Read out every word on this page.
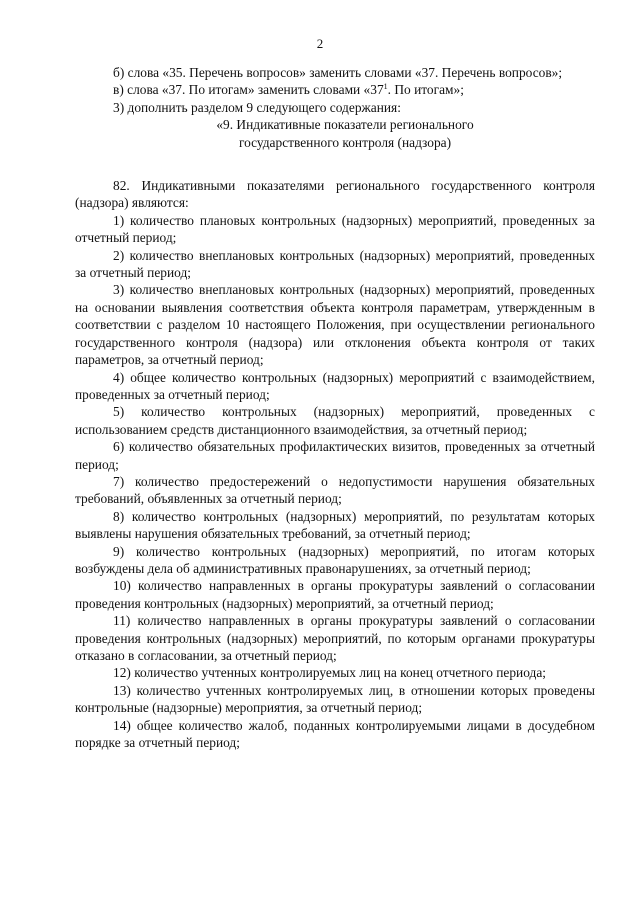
2

б) слова «35. Перечень вопросов» заменить словами «37. Перечень вопросов»;

в) слова «37. По итогам» заменить словами «$37^1$. По итогам»;

3) дополнить разделом 9 следующего содержания:

«9. Индикативные показатели регионального

государственного контроля (надзора)

82. Индикативными показателями регионального государственного контроля (надзора) являются:

1) количество плановых контрольных (надзорных) мероприятий, проведенных за отчетный период;

2) количество внеплановых контрольных (надзорных) мероприятий, проведенных за отчетный период;

3) количество внеплановых контрольных (надзорных) мероприятий, проведенных на основании выявления соответствия объекта контроля параметрам, утвержденным в соответствии с разделом 10 настоящего Положения, при осуществлении регионального государственного контроля (надзора) или отклонения объекта контроля от таких параметров, за отчетный период;

4) общее количество контрольных (надзорных) мероприятий с взаимодействием, проведенных за отчетный период;

5) количество контрольных (надзорных) мероприятий, проведенных с использованием средств дистанционного взаимодействия, за отчетный период;

6) количество обязательных профилактических визитов, проведенных за отчетный период;

7) количество предостережений о недопустимости нарушения обязательных требований, объявленных за отчетный период;

8) количество контрольных (надзорных) мероприятий, по результатам которых выявлены нарушения обязательных требований, за отчетный период;

9) количество контрольных (надзорных) мероприятий, по итогам которых возбуждены дела об административных правонарушениях, за отчетный период;

10) количество направленных в органы прокуратуры заявлений о согласовании проведения контрольных (надзорных) мероприятий, за отчетный период;

11) количество направленных в органы прокуратуры заявлений о согласовании проведения контрольных (надзорных) мероприятий, по которым органами прокуратуры отказано в согласовании, за отчетный период;

12) количество учтенных контролируемых лиц на конец отчетного периода;

13) количество учтенных контролируемых лиц, в отношении которых проведены контрольные (надзорные) мероприятия, за отчетный период;

14) общее количество жалоб, поданных контролируемыми лицами в досудебном порядке за отчетный период;
